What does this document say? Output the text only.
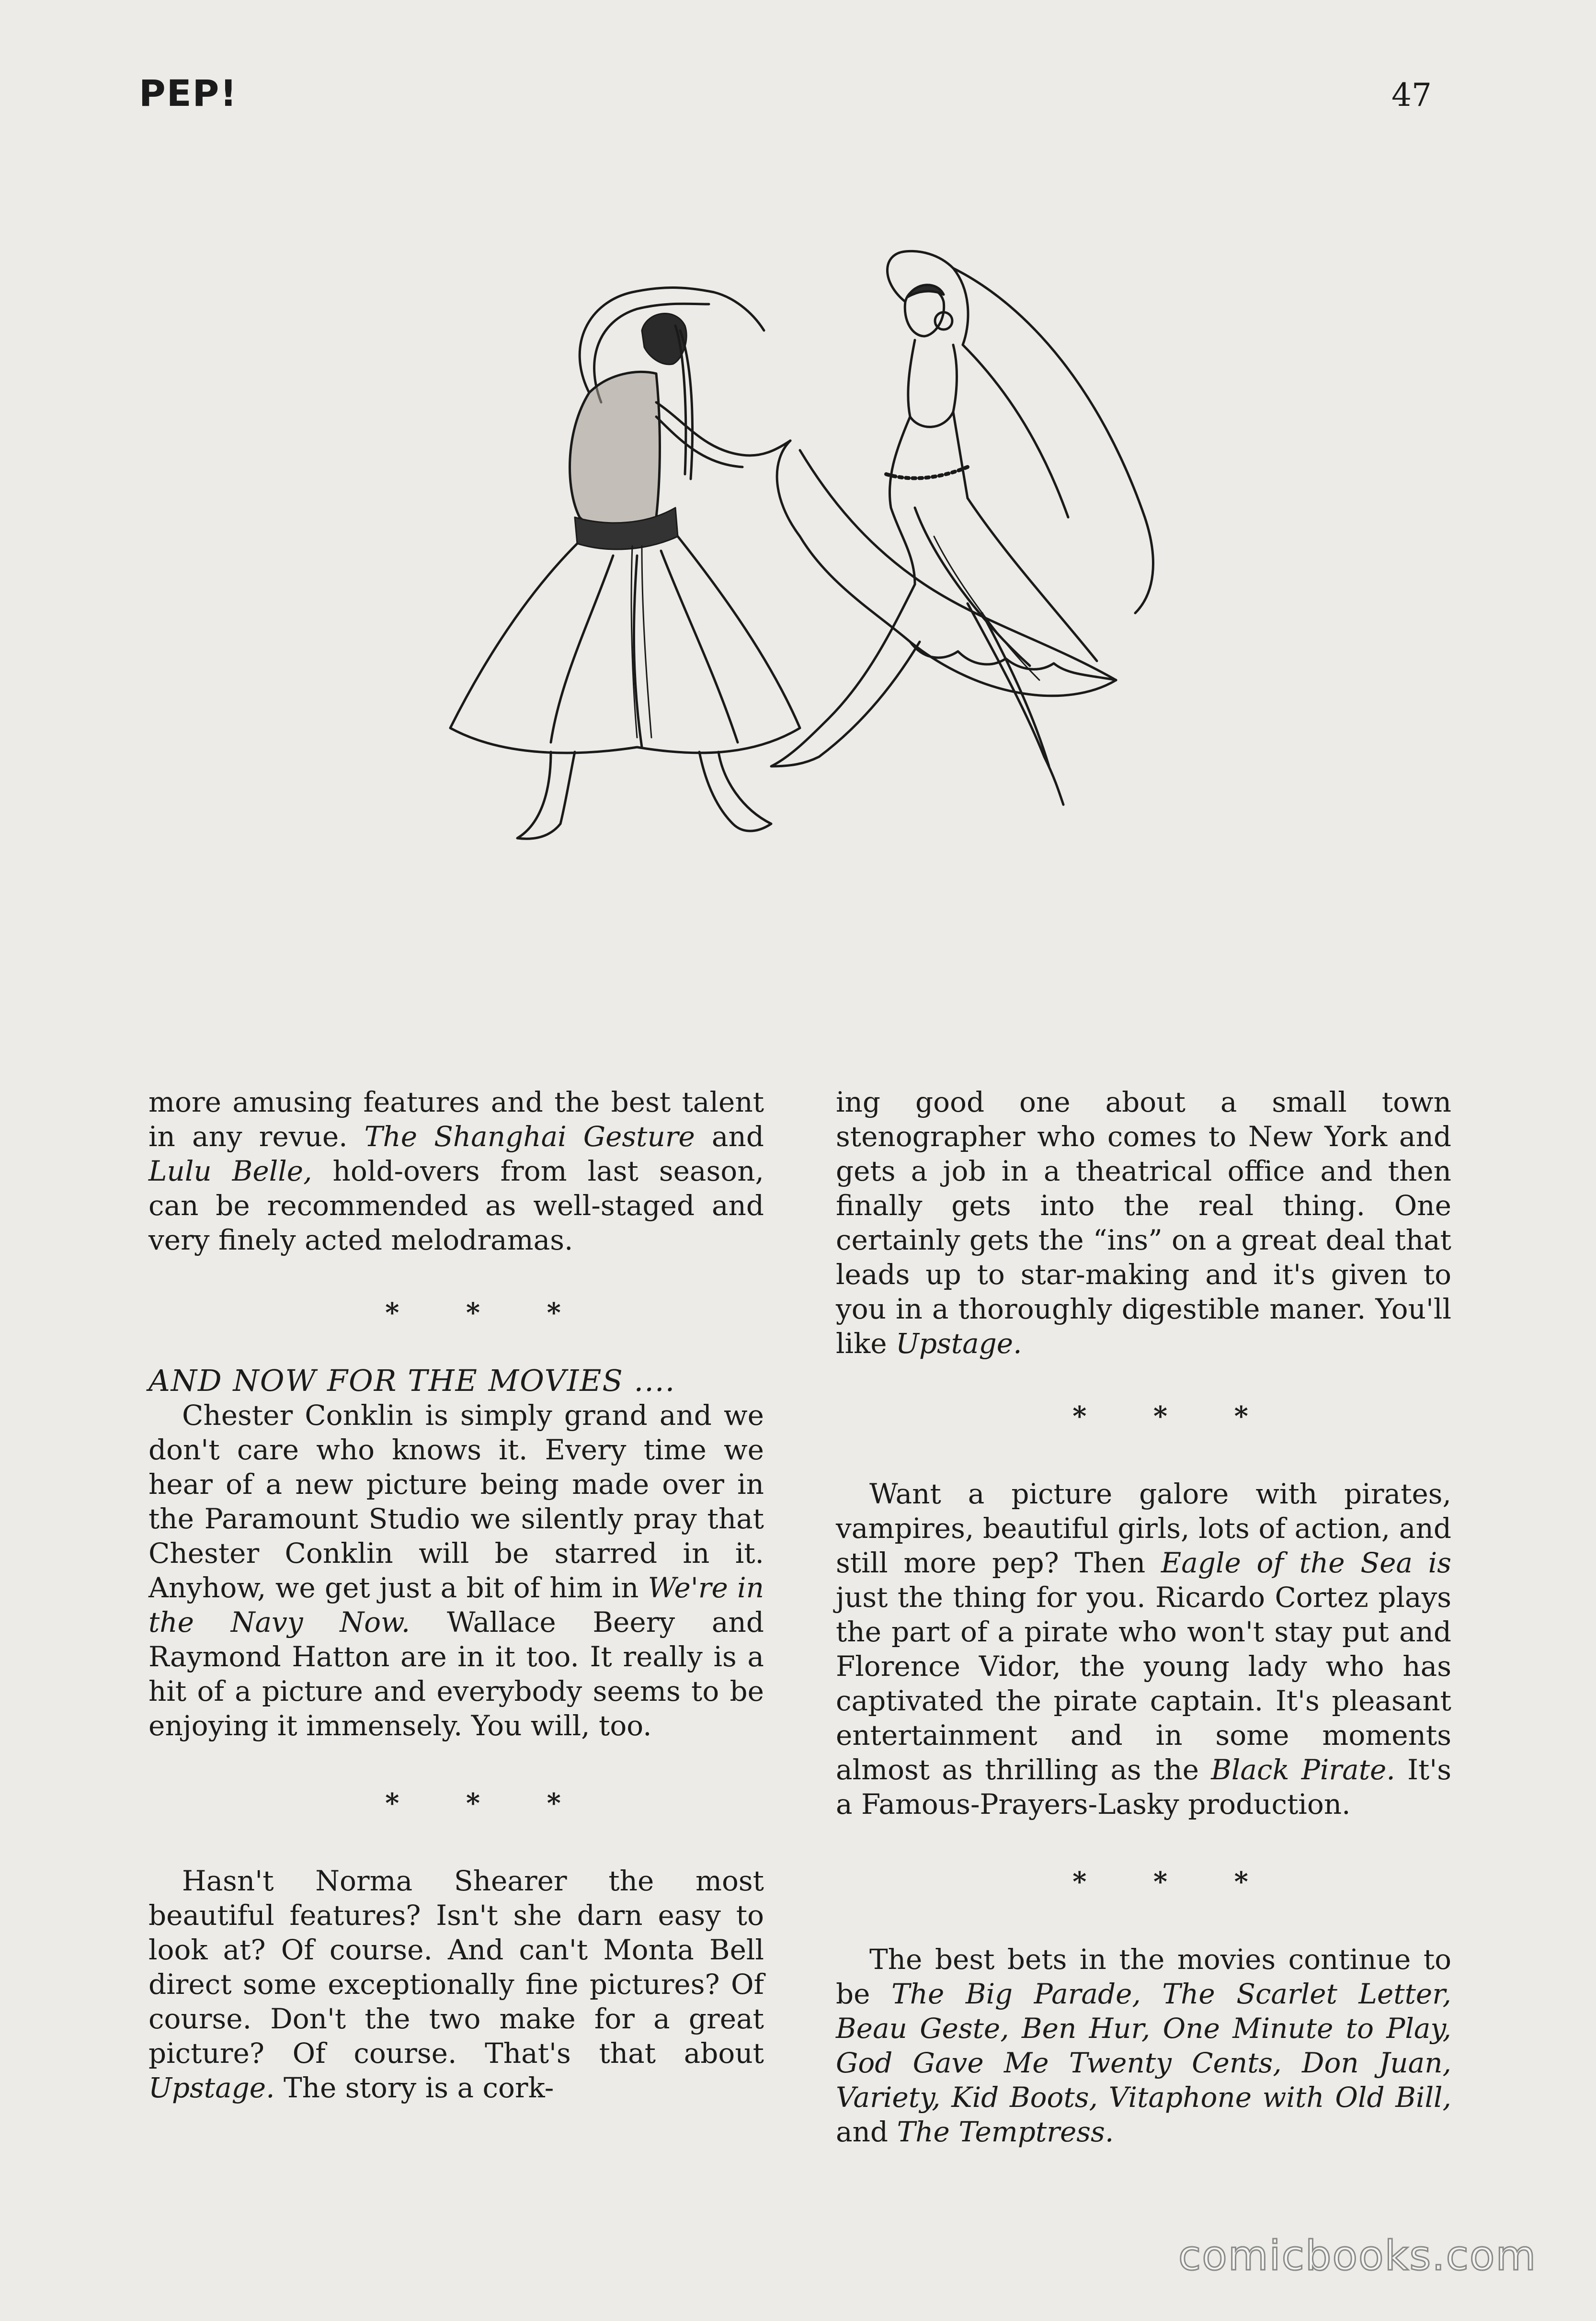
PEP!	47

more amusing features and the best talent in any revue. The Shanghai Gesture and Lulu Belle, hold-overs from last season, can be recommended as well-staged and very finely acted melodramas.

* * *

AND NOW FOR THE MOVIES ....

Chester Conklin is simply grand and we don't care who knows it. Every time we hear of a new picture being made over in the Paramount Studio we silently pray that Chester Conklin will be starred in it. Anyhow, we get just a bit of him in We're in the Navy Now. Wallace Beery and Raymond Hatton are in it too. It really is a hit of a picture and everybody seems to be enjoying it immensely. You will, too.

* * *

Hasn't Norma Shearer the most beautiful features? Isn't she darn easy to look at? Of course. And can't Monta Bell direct some exceptionally fine pictures? Of course. Don't the two make for a great picture? Of course. That's that about Upstage. The story is a cork-

ing good one about a small town stenographer who comes to New York and gets a job in a theatrical office and then finally gets into the real thing. One certainly gets the “ins” on a great deal that leads up to star-making and it's given to you in a thoroughly digestible maner. You'll like Upstage.

* * *

Want a picture galore with pirates, vampires, beautiful girls, lots of action, and still more pep? Then Eagle of the Sea is just the thing for you. Ricardo Cortez plays the part of a pirate who won't stay put and Florence Vidor, the young lady who has captivated the pirate captain. It's pleasant entertainment and in some moments almost as thrilling as the Black Pirate. It's a Famous-Prayers-Lasky production.

* * *

The best bets in the movies continue to be The Big Parade, The Scarlet Letter, Beau Geste, Ben Hur, One Minute to Play, God Gave Me Twenty Cents, Don Juan, Variety, Kid Boots, Vitaphone with Old Bill, and The Temptress.

comicbooks.com
